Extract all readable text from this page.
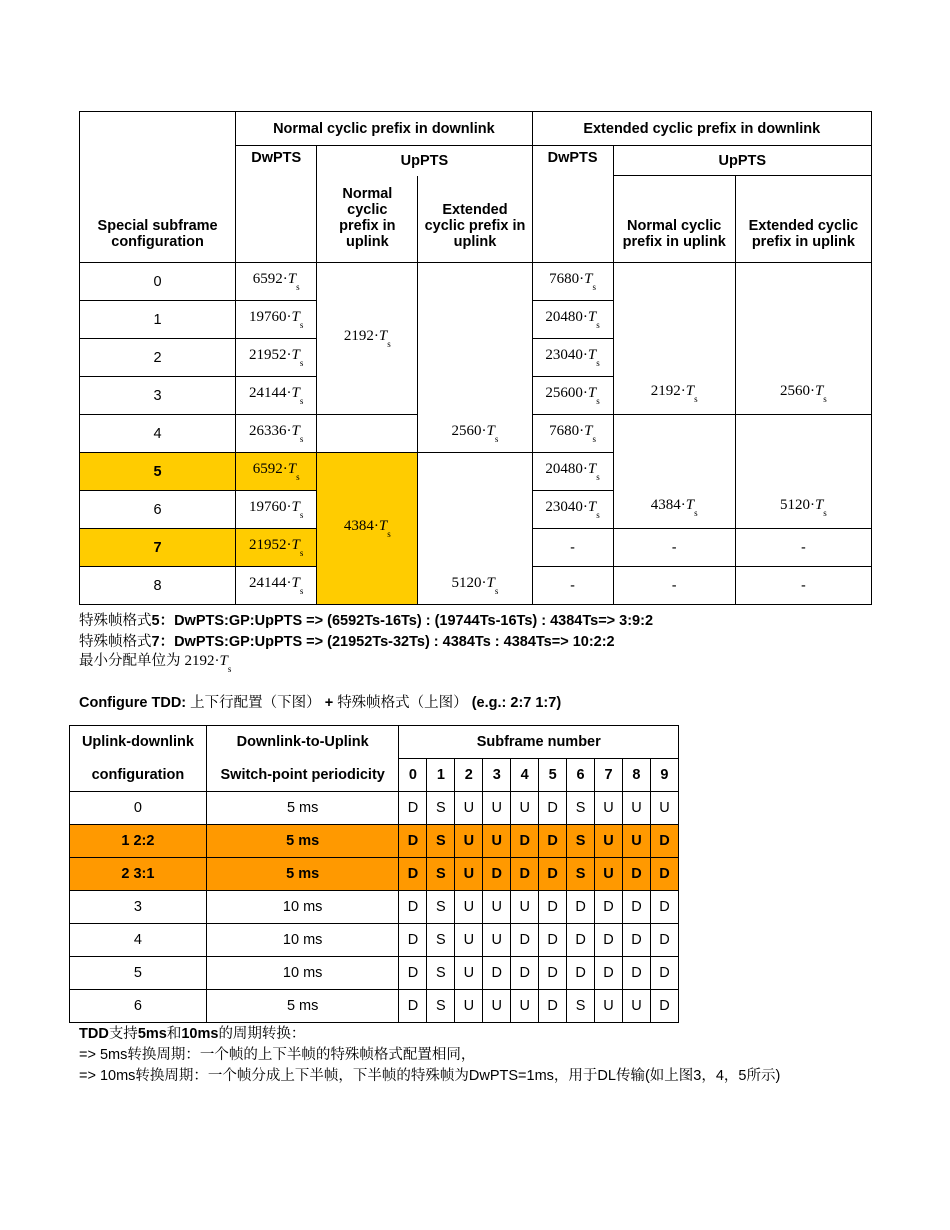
Special subframe configuration	Normal cyclic prefix in downlink			Extended cyclic prefix in downlink		
	DwPTS	UpPTS		DwPTS	UpPTS	
		Normal cyclic prefix in uplink	Extended cyclic prefix in uplink		Normal cyclic prefix in uplink	Extended cyclic prefix in uplink
0	$6592\cdot T_s$	$2192\cdot T_s$	$2560\cdot T_s$	$7680\cdot T_s$	$2192\cdot T_s$	$2560\cdot T_s$
1	$19760\cdot T_s$			$20480\cdot T_s$
2	$21952\cdot T_s$			$23040\cdot T_s$
3	$24144\cdot T_s$			$25600\cdot T_s$
4	$26336\cdot T_s$			$7680\cdot T_s$	$4384\cdot T_s$	$5120\cdot T_s$
5	$6592\cdot T_s$	$4384\cdot T_s$	$5120\cdot T_s$	$20480\cdot T_s$
6	$19760\cdot T_s$			$23040\cdot T_s$
7	$21952\cdot T_s$			-	-	-
8	$24144\cdot T_s$			-	-	-
特殊帧格式5：DwPTS:GP:UpPTS => (6592Ts-16Ts) : (19744Ts-16Ts) : 4384Ts=> 3:9:2
特殊帧格式7：DwPTS:GP:UpPTS => (21952Ts-32Ts) : 4384Ts : 4384Ts=> 10:2:2
最小分配单位为 $2192\cdot T_s$
Configure TDD: 上下行配置（下图） + 特殊帧格式（上图） (e.g.: 2:7 1:7)
Uplink-downlink	Downlink-to-Uplink	Subframe number									
configuration	Switch-point periodicity	0	1	2	3	4	5	6	7	8	9
0	5 ms	D	S	U	U	U	D	S	U	U	U
1 2:2	5 ms	D	S	U	U	D	D	S	U	U	D
2 3:1	5 ms	D	S	U	D	D	D	S	U	D	D
3	10 ms	D	S	U	U	U	D	D	D	D	D
4	10 ms	D	S	U	U	D	D	D	D	D	D
5	10 ms	D	S	U	D	D	D	D	D	D	D
6	5 ms	D	S	U	U	U	D	S	U	U	D
TDD支持5ms和10ms的周期转换：
=> 5ms转换周期：一个帧的上下半帧的特殊帧格式配置相同，
=> 10ms转换周期：一个帧分成上下半帧，下半帧的特殊帧为DwPTS=1ms，用于DL传输(如上图3，4，5所示)
